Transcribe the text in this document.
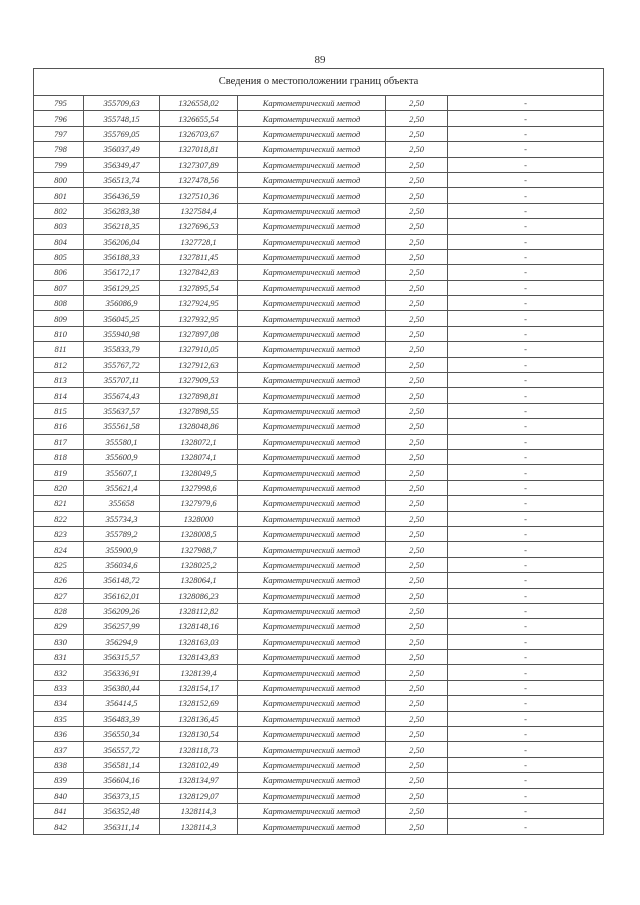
89
Сведения о местоположении границ объекта					
795	355709,63	1326558,02	Картометрический метод	2,50	-
796	355748,15	1326655,54	Картометрический метод	2,50	-
797	355769,05	1326703,67	Картометрический метод	2,50	-
798	356037,49	1327018,81	Картометрический метод	2,50	-
799	356349,47	1327307,89	Картометрический метод	2,50	-
800	356513,74	1327478,56	Картометрический метод	2,50	-
801	356436,59	1327510,36	Картометрический метод	2,50	-
802	356283,38	1327584,4	Картометрический метод	2,50	-
803	356218,35	1327696,53	Картометрический метод	2,50	-
804	356206,04	1327728,1	Картометрический метод	2,50	-
805	356188,33	1327811,45	Картометрический метод	2,50	-
806	356172,17	1327842,83	Картометрический метод	2,50	-
807	356129,25	1327895,54	Картометрический метод	2,50	-
808	356086,9	1327924,95	Картометрический метод	2,50	-
809	356045,25	1327932,95	Картометрический метод	2,50	-
810	355940,98	1327897,08	Картометрический метод	2,50	-
811	355833,79	1327910,05	Картометрический метод	2,50	-
812	355767,72	1327912,63	Картометрический метод	2,50	-
813	355707,11	1327909,53	Картометрический метод	2,50	-
814	355674,43	1327898,81	Картометрический метод	2,50	-
815	355637,57	1327898,55	Картометрический метод	2,50	-
816	355561,58	1328048,86	Картометрический метод	2,50	-
817	355580,1	1328072,1	Картометрический метод	2,50	-
818	355600,9	1328074,1	Картометрический метод	2,50	-
819	355607,1	1328049,5	Картометрический метод	2,50	-
820	355621,4	1327998,6	Картометрический метод	2,50	-
821	355658	1327979,6	Картометрический метод	2,50	-
822	355734,3	1328000	Картометрический метод	2,50	-
823	355789,2	1328008,5	Картометрический метод	2,50	-
824	355900,9	1327988,7	Картометрический метод	2,50	-
825	356034,6	1328025,2	Картометрический метод	2,50	-
826	356148,72	1328064,1	Картометрический метод	2,50	-
827	356162,01	1328086,23	Картометрический метод	2,50	-
828	356209,26	1328112,82	Картометрический метод	2,50	-
829	356257,99	1328148,16	Картометрический метод	2,50	-
830	356294,9	1328163,03	Картометрический метод	2,50	-
831	356315,57	1328143,83	Картометрический метод	2,50	-
832	356336,91	1328139,4	Картометрический метод	2,50	-
833	356380,44	1328154,17	Картометрический метод	2,50	-
834	356414,5	1328152,69	Картометрический метод	2,50	-
835	356483,39	1328136,45	Картометрический метод	2,50	-
836	356550,34	1328130,54	Картометрический метод	2,50	-
837	356557,72	1328118,73	Картометрический метод	2,50	-
838	356581,14	1328102,49	Картометрический метод	2,50	-
839	356604,16	1328134,97	Картометрический метод	2,50	-
840	356373,15	1328129,07	Картометрический метод	2,50	-
841	356352,48	1328114,3	Картометрический метод	2,50	-
842	356311,14	1328114,3	Картометрический метод	2,50	-
